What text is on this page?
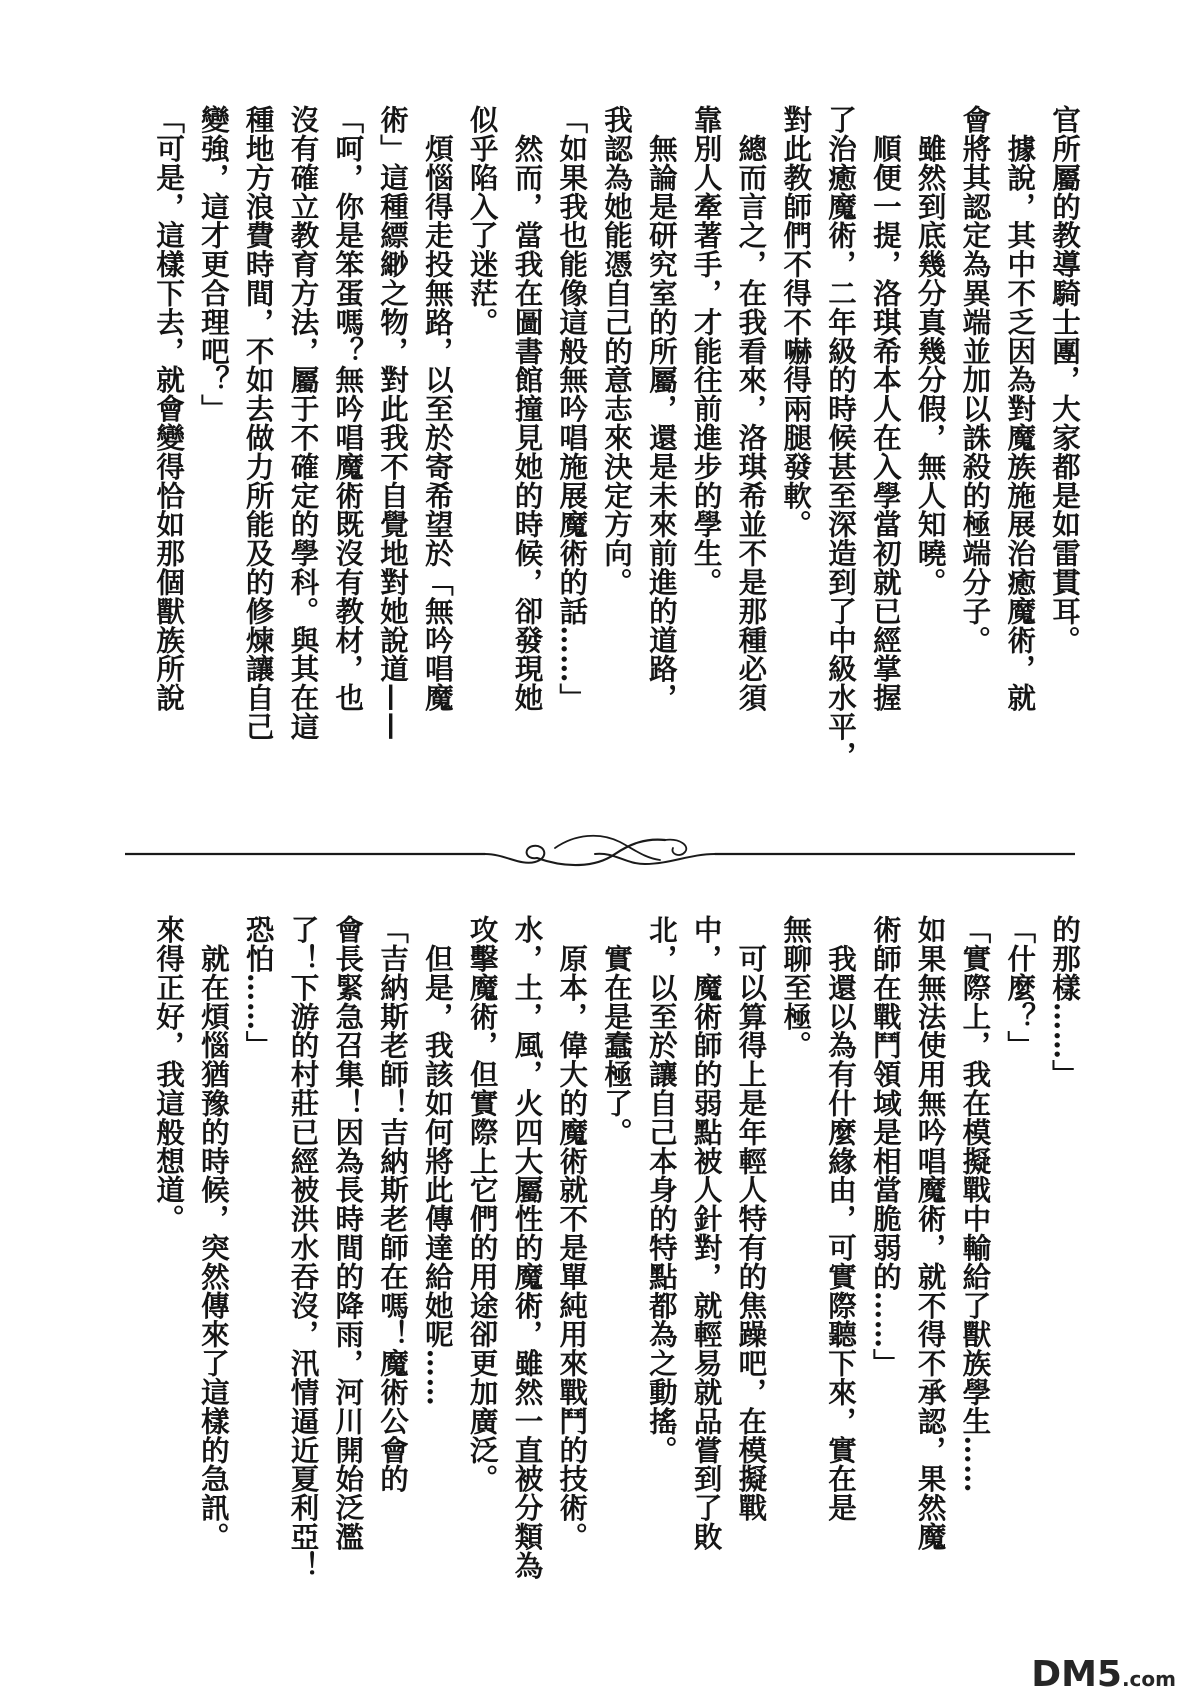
官所屬的教導騎士團，大家都是如雷貫耳。
　據說，其中不乏因為對魔族施展治癒魔術，就
會將其認定為異端並加以誅殺的極端分子。
　雖然到底幾分真幾分假，無人知曉。
　順便一提，洛琪希本人在入學當初就已經掌握
了治癒魔術，二年級的時候甚至深造到了中級水平，
對此教師們不得不嚇得兩腿發軟。
　總而言之，在我看來，洛琪希並不是那種必須
靠別人牽著手，才能往前進步的學生。
　無論是研究室的所屬，還是未來前進的道路，
我認為她能憑自己的意志來決定方向。
「如果我也能像這般無吟唱施展魔術的話……」
　然而，當我在圖書館撞見她的時候，卻發現她
似乎陷入了迷茫。
　煩惱得走投無路，以至於寄希望於「無吟唱魔
術」這種縹緲之物，對此我不自覺地對她說道——
「呵，你是笨蛋嗎？無吟唱魔術既沒有教材，也
沒有確立教育方法，屬于不確定的學科。與其在這
種地方浪費時間，不如去做力所能及的修煉讓自己
變強，這才更合理吧？」
「可是，這樣下去，就會變得恰如那個獸族所說
的那樣……」
「什麼？」
「實際上，我在模擬戰中輸給了獸族學生……
如果無法使用無吟唱魔術，就不得不承認，果然魔
術師在戰鬥領域是相當脆弱的……」
　我還以為有什麼緣由，可實際聽下來，實在是
無聊至極。
　可以算得上是年輕人特有的焦躁吧，在模擬戰
中，魔術師的弱點被人針對，就輕易就品嘗到了敗
北，以至於讓自己本身的特點都為之動搖。
　實在是蠢極了。
　原本，偉大的魔術就不是單純用來戰鬥的技術。
水，土，風，火四大屬性的魔術，雖然一直被分類為
攻擊魔術，但實際上它們的用途卻更加廣泛。
　但是，我該如何將此傳達給她呢……
「吉納斯老師！吉納斯老師在嗎！魔術公會的
會長緊急召集！因為長時間的降雨，河川開始泛濫
了！下游的村莊已經被洪水吞沒，汛情逼近夏利亞！
恐怕……」
　就在煩惱猶豫的時候，突然傳來了這樣的急訊。
來得正好，我這般想道。
DM5.com
